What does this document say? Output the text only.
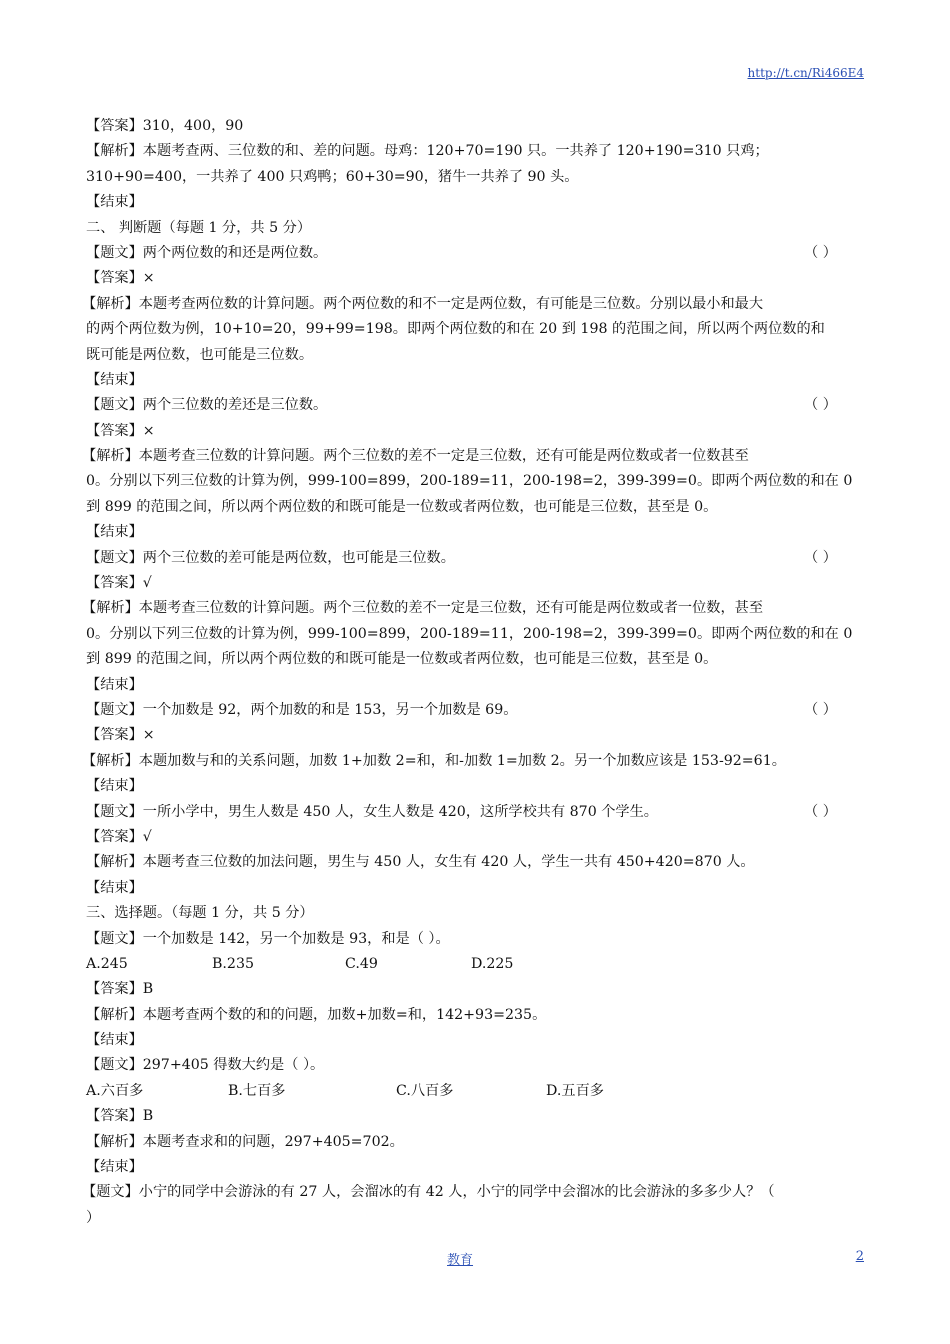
http://t.cn/Ri466E4
【答案】310，400，90
【解析】本题考查两、三位数的和、差的问题。母鸡：120+70=190 只。一共养了 120+190=310 只鸡；
310+90=400，一共养了 400 只鸡鸭；60+30=90，猪牛一共养了 90 头。
【结束】
二、 判断题（每题 1 分，共 5 分）
【题文】两个两位数的和还是两位数。	（ ）
【答案】×
【解析】本题考查两位数的计算问题。两个两位数的和不一定是两位数，有可能是三位数。分别以最小和最大
的两个两位数为例，10+10=20，99+99=198。即两个两位数的和在 20 到 198 的范围之间，所以两个两位数的和
既可能是两位数，也可能是三位数。
【结束】
【题文】两个三位数的差还是三位数。	（ ）
【答案】×
【解析】本题考查三位数的计算问题。两个三位数的差不一定是三位数，还有可能是两位数或者一位数甚至
0。分别以下列三位数的计算为例，999-100=899，200-189=11，200-198=2，399-399=0。即两个两位数的和在 0
到 899 的范围之间，所以两个两位数的和既可能是一位数或者两位数，也可能是三位数，甚至是 0。
【结束】
【题文】两个三位数的差可能是两位数，也可能是三位数。	（ ）
【答案】√
【解析】本题考查三位数的计算问题。两个三位数的差不一定是三位数，还有可能是两位数或者一位数，甚至
0。分别以下列三位数的计算为例，999-100=899，200-189=11，200-198=2，399-399=0。即两个两位数的和在 0
到 899 的范围之间，所以两个两位数的和既可能是一位数或者两位数，也可能是三位数，甚至是 0。
【结束】
【题文】一个加数是 92，两个加数的和是 153，另一个加数是 69。	（ ）
【答案】×
【解析】本题加数与和的关系问题，加数 1+加数 2=和，和-加数 1=加数 2。另一个加数应该是 153-92=61。
【结束】
【题文】一所小学中，男生人数是 450 人，女生人数是 420，这所学校共有 870 个学生。	（ ）
【答案】√
【解析】本题考查三位数的加法问题，男生与 450 人，女生有 420 人，学生一共有 450+420=870 人。
【结束】
三、选择题。（每题 1 分，共 5 分）
【题文】一个加数是 142，另一个加数是 93，和是（ ）。
A.245	B.235	C.49	D.225
【答案】B
【解析】本题考查两个数的和的问题，加数+加数=和，142+93=235。
【结束】
【题文】297+405 得数大约是（ ）。
A.六百多	B.七百多	C.八百多	D.五百多
【答案】B
【解析】本题考查求和的问题，297+405=702。
【结束】
【题文】小宁的同学中会游泳的有 27 人，会溜冰的有 42 人，小宁的同学中会溜冰的比会游泳的多多少人？（
）
教育	2
